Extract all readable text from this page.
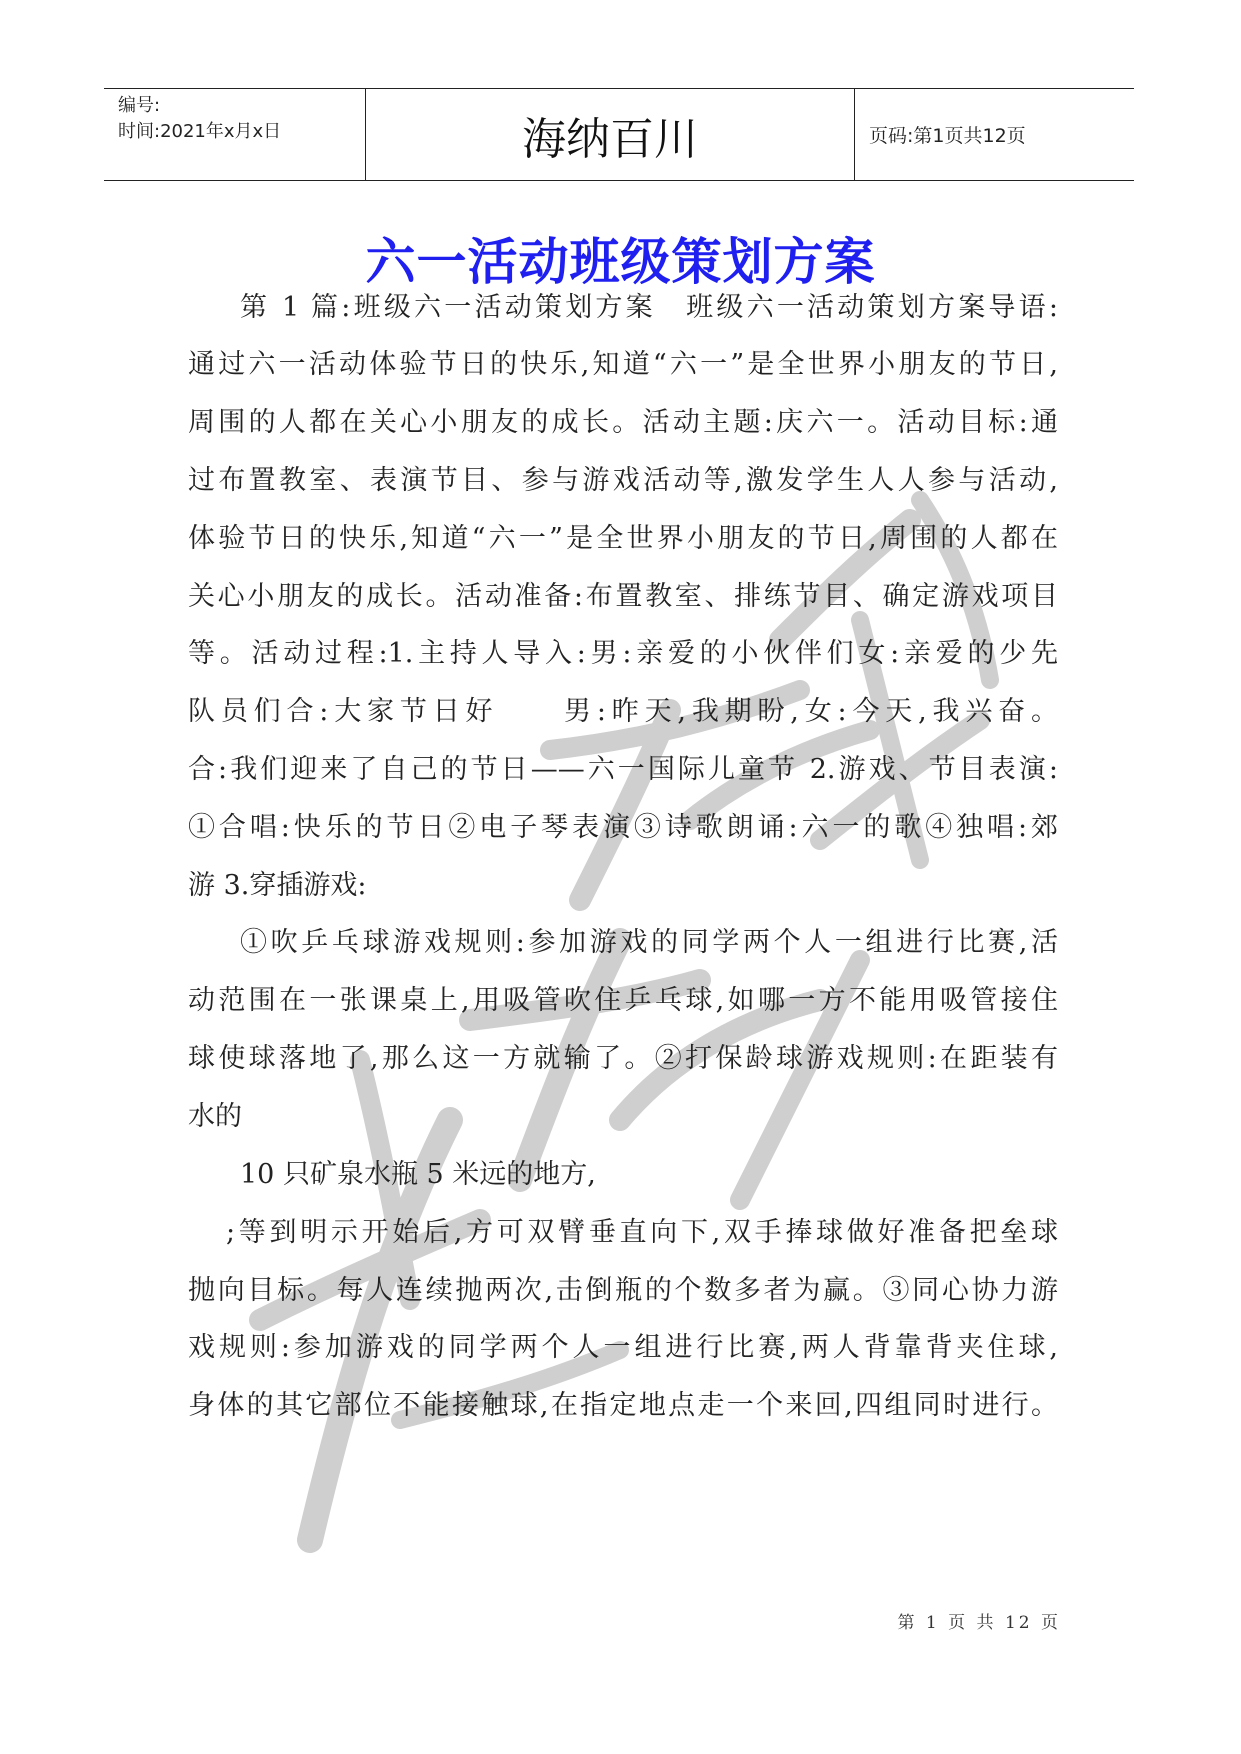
编号:
时间:2021年x月x日	海纳百川	页码:第1页共12页
六一活动班级策划方案
第 1 篇:班级六一活动策划方案　班级六一活动策划方案导语:
通过六一活动体验节日的快乐,知道“六一”是全世界小朋友的节日,
周围的人都在关心小朋友的成长。活动主题:庆六一。活动目标:通
过布置教室、表演节目、参与游戏活动等,激发学生人人参与活动,
体验节日的快乐,知道“六一”是全世界小朋友的节日,周围的人都在
关心小朋友的成长。活动准备:布置教室、排练节目、确定游戏项目
等。活动过程:1.主持人导入:男:亲爱的小伙伴们女:亲爱的少先
队员们合:大家节日好　　男:昨天,我期盼,女:今天,我兴奋。
合:我们迎来了自己的节日——六一国际儿童节 2.游戏、节目表演:
①合唱:快乐的节日②电子琴表演③诗歌朗诵:六一的歌④独唱:郊
游 3.穿插游戏:
①吹乒乓球游戏规则:参加游戏的同学两个人一组进行比赛,活
动范围在一张课桌上,用吸管吹住乒乓球,如哪一方不能用吸管接住
球使球落地了,那么这一方就输了。②打保龄球游戏规则:在距装有
水的
10 只矿泉水瓶 5 米远的地方,
;等到明示开始后,方可双臂垂直向下,双手捧球做好准备把垒球
抛向目标。每人连续抛两次,击倒瓶的个数多者为赢。③同心协力游
戏规则:参加游戏的同学两个人一组进行比赛,两人背靠背夹住球,
身体的其它部位不能接触球,在指定地点走一个来回,四组同时进行。
第 1 页 共 12 页
